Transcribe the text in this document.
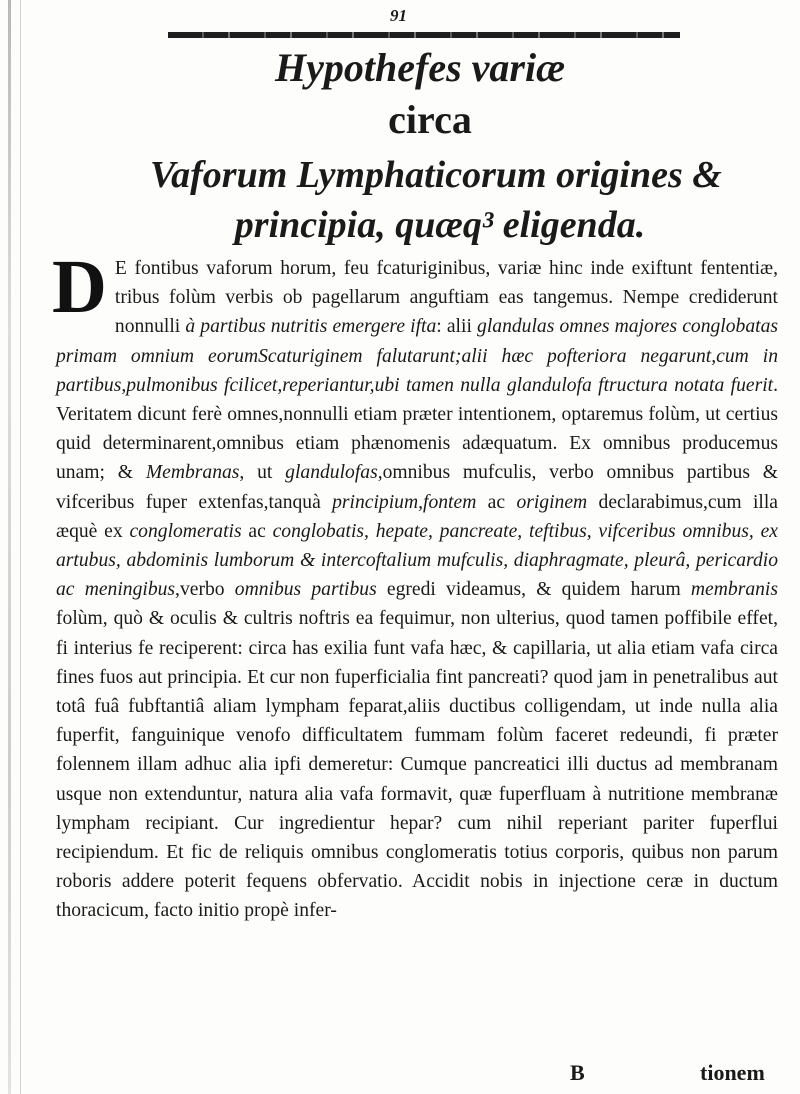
91
Hypothefes variæ
circa
Vaforum Lymphaticorum origines &
principia, quæq³ eligenda.

D E fontibus vaforum horum, feu fcaturiginibus, variæ hinc inde exiftunt fententiæ, tribus folùm verbis ob pagellarum anguftiam eas tangemus. Nempe crediderunt nonnulli à partibus nutritis emergere ifta: alii glandulas omnes majores conglobatas primam omnium eorumScaturiginem falutarunt;alii hæc pofteriora negarunt,cum in partibus,pulmonibus fcilicet,reperiantur,ubi tamen nulla glandulofa ftructura notata fuerit. Veritatem dicunt ferè omnes,nonnulli etiam præter intentionem, optaremus folùm, ut certius quid determinarent,omnibus etiam phænomenis adæquatum. Ex omnibus producemus unam; & Membranas, ut glandulofas,omnibus mufculis, verbo omnibus partibus & vifceribus fuper extenfas,tanquà principium,fontem ac originem declarabimus,cum illa æquè ex conglomeratis ac conglobatis, hepate, pancreate, teftibus, vifceribus omnibus, ex artubus, abdominis lumborum & intercoftalium mufculis, diaphragmate, pleurâ, pericardio ac meningibus,verbo omnibus partibus egredi videamus, & quidem harum membranis folùm, quò & oculis & cultris noftris ea fequimur, non ulterius, quod tamen poffibile effet, fi interius fe reciperent: circa has exilia funt vafa hæc, & capillaria, ut alia etiam vafa circa fines fuos aut principia. Et cur non fuperficialia fint pancreati? quod jam in penetralibus aut totâ fuâ fubftantiâ aliam lympham feparat,aliis ductibus colligendam, ut inde nulla alia fuperfit, fanguinique venofo difficultatem fummam folùm faceret redeundi, fi præter folennem illam adhuc alia ipfi demeretur: Cumque pancreatici illi ductus ad membranam usque non extenduntur, natura alia vafa formavit, quæ fuperfluam à nutritione membranæ lympham recipiant. Cur ingredientur hepar? cum nihil reperiant pariter fuperflui recipiendum. Et fic de reliquis omnibus conglomeratis totius corporis, quibus non parum roboris addere poterit fequens obfervatio. Accidit nobis in injectione ceræ in ductum thoracicum, facto initio propè infer-

B	tionem
